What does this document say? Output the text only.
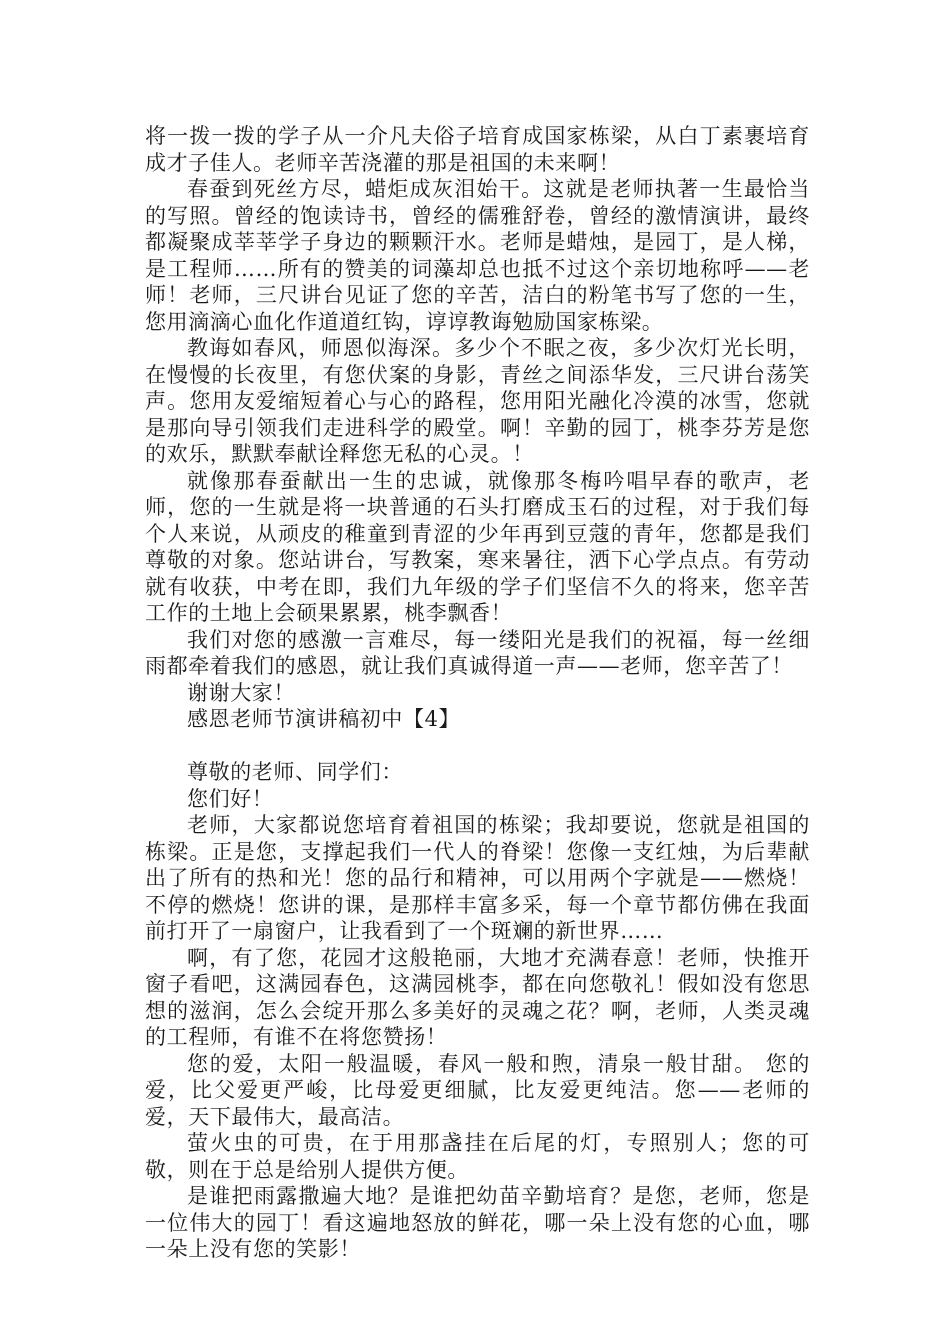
将一拨一拨的学子从一介凡夫俗子培育成国家栋梁，从白丁素裹培育成才子佳人。老师辛苦浇灌的那是祖国的未来啊！

春蚕到死丝方尽，蜡炬成灰泪始干。这就是老师执著一生最恰当的写照。曾经的饱读诗书，曾经的儒雅舒卷，曾经的激情演讲，最终都凝聚成莘莘学子身边的颗颗汗水。老师是蜡烛，是园丁，是人梯，是工程师……所有的赞美的词藻却总也抵不过这个亲切地称呼——老师！老师，三尺讲台见证了您的辛苦，洁白的粉笔书写了您的一生，您用滴滴心血化作道道红钩，谆谆教诲勉励国家栋梁。

教诲如春风，师恩似海深。多少个不眠之夜，多少次灯光长明，在慢慢的长夜里，有您伏案的身影，青丝之间添华发，三尺讲台荡笑声。您用友爱缩短着心与心的路程，您用阳光融化冷漠的冰雪，您就是那向导引领我们走进科学的殿堂。啊！辛勤的园丁，桃李芬芳是您的欢乐，默默奉献诠释您无私的心灵。！

就像那春蚕献出一生的忠诚，就像那冬梅吟唱早春的歌声，老师，您的一生就是将一块普通的石头打磨成玉石的过程，对于我们每个人来说，从顽皮的稚童到青涩的少年再到豆蔻的青年，您都是我们尊敬的对象。您站讲台，写教案，寒来暑往，洒下心学点点。有劳动就有收获，中考在即，我们九年级的学子们坚信不久的将来，您辛苦工作的土地上会硕果累累，桃李飘香！

我们对您的感激一言难尽，每一缕阳光是我们的祝福，每一丝细雨都牵着我们的感恩，就让我们真诚得道一声——老师，您辛苦了！

谢谢大家！

感恩老师节演讲稿初中【4】

尊敬的老师、同学们：

您们好！

老师，大家都说您培育着祖国的栋梁；我却要说，您就是祖国的栋梁。正是您，支撑起我们一代人的脊梁！您像一支红烛，为后辈献出了所有的热和光！您的品行和精神，可以用两个字就是——燃烧！不停的燃烧！您讲的课，是那样丰富多采，每一个章节都仿佛在我面前打开了一扇窗户，让我看到了一个斑斓的新世界……

啊，有了您，花园才这般艳丽，大地才充满春意！老师，快推开窗子看吧，这满园春色，这满园桃李，都在向您敬礼！假如没有您思想的滋润，怎么会绽开那么多美好的灵魂之花？啊，老师，人类灵魂的工程师，有谁不在将您赞扬！

您的爱，太阳一般温暖，春风一般和煦，清泉一般甘甜。 您的爱，比父爱更严峻，比母爱更细腻，比友爱更纯洁。您——老师的爱，天下最伟大，最高洁。

萤火虫的可贵，在于用那盏挂在后尾的灯，专照别人；您的可敬，则在于总是给别人提供方便。

是谁把雨露撒遍大地？是谁把幼苗辛勤培育？是您，老师，您是一位伟大的园丁！看这遍地怒放的鲜花，哪一朵上没有您的心血，哪一朵上没有您的笑影！
